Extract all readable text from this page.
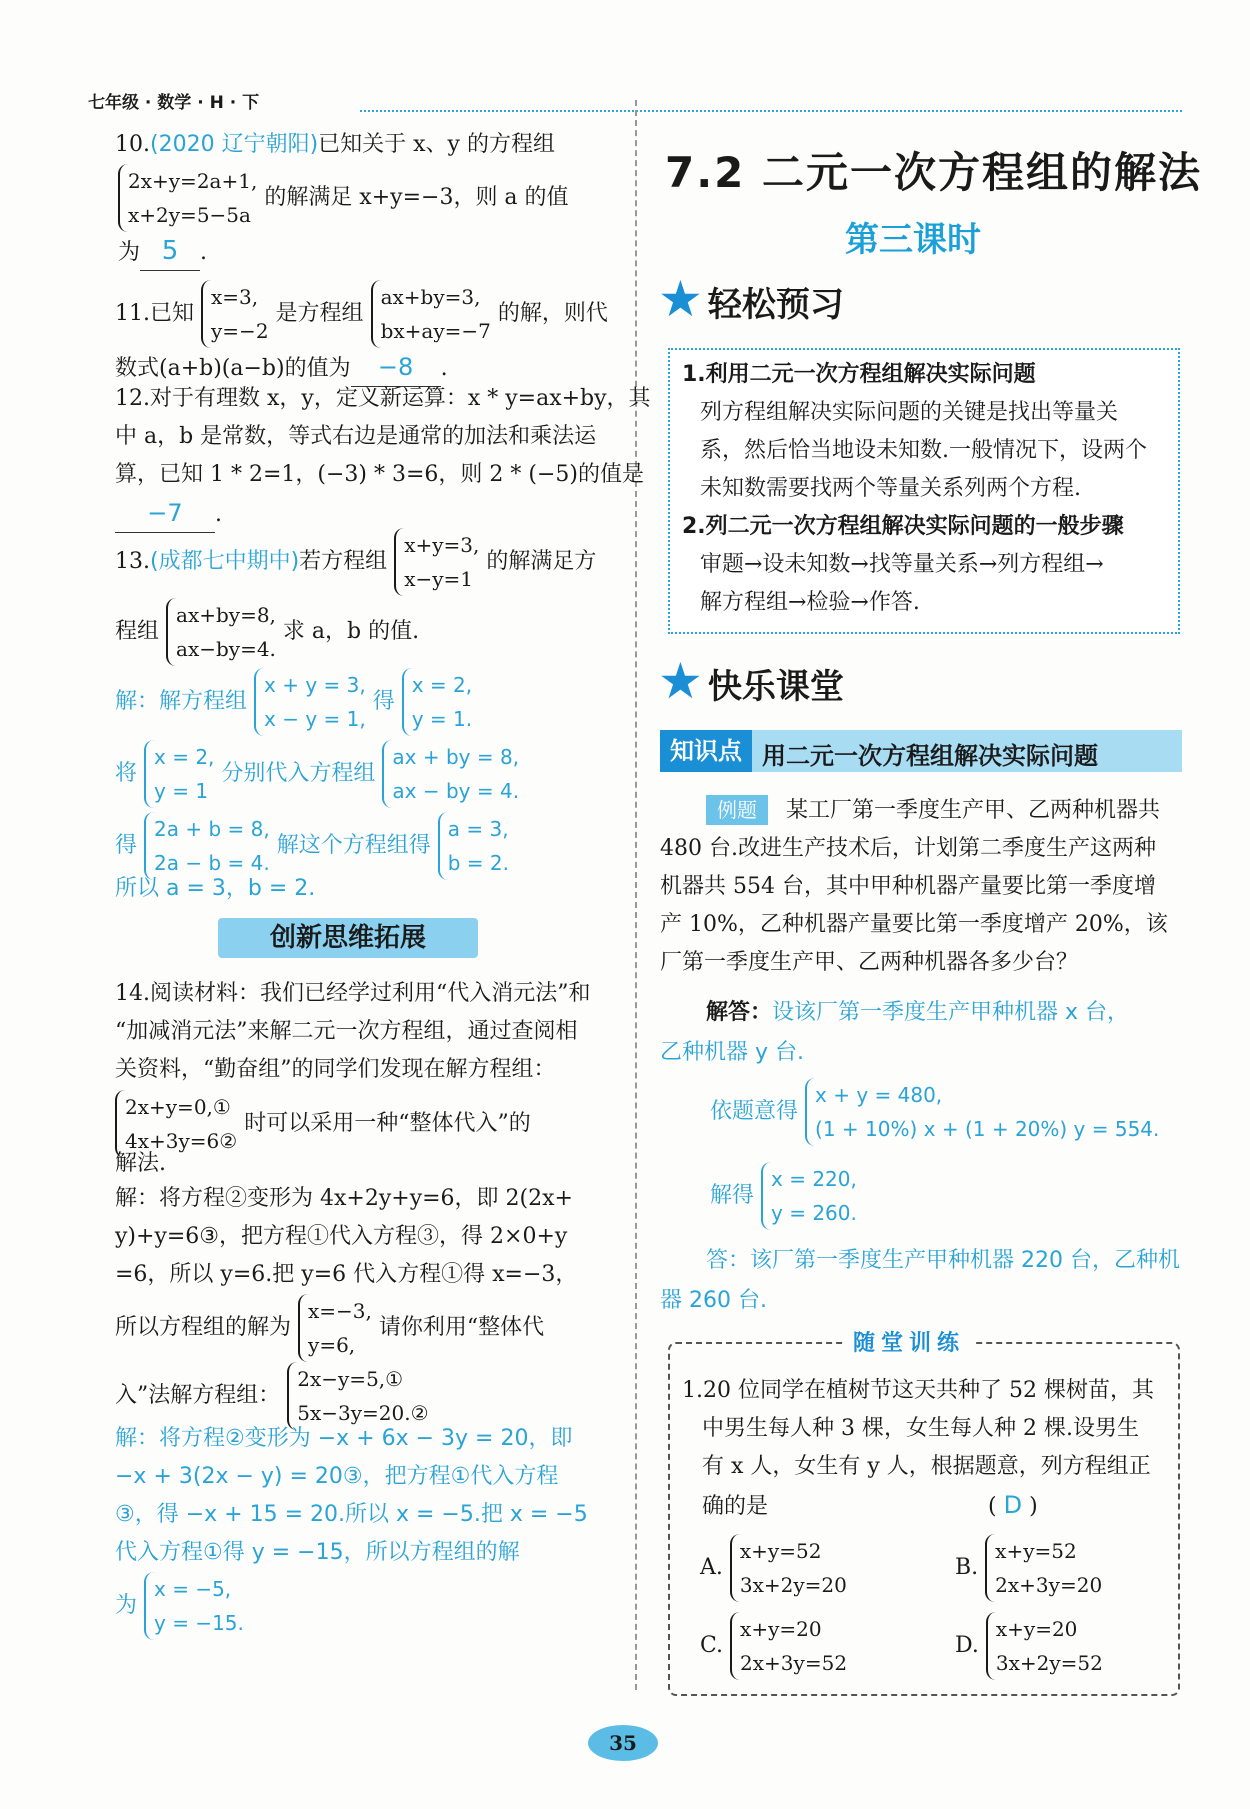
七年级 · 数学 · H · 下
10.(2020 辽宁朝阳)已知关于 x、y 的方程组
2x+y=2a+1,
x+2y=5−5a 的解满足 x+y=−3，则 a 的值
为 5 .
11.已知 x=3,
y=−2 是方程组 ax+by=3,
bx+ay=−7 的解，则代
数式(a+b)(a−b)的值为 −8 .
12.对于有理数 x，y，定义新运算：x * y=ax+by，其
中 a，b 是常数，等式右边是通常的加法和乘法运
算，已知 1 * 2=1，(−3) * 3=6，则 2 * (−5)的值是
−7 .
13.(成都七中期中)若方程组 x+y=3,
x−y=1 的解满足方
程组 ax+by=8,
ax−by=4. 求 a，b 的值.
解：解方程组 x + y = 3,
x − y = 1, 得 x = 2,
y = 1.
将 x = 2,
y = 1 分别代入方程组 ax + by = 8,
ax − by = 4.
得 2a + b = 8,
2a − b = 4. 解这个方程组得 a = 3,
b = 2.
所以 a = 3，b = 2.
创新思维拓展
14.阅读材料：我们已经学过利用“代入消元法”和
“加减消元法”来解二元一次方程组，通过查阅相
关资料，“勤奋组”的同学们发现在解方程组：
2x+y=0,①
4x+3y=6② 时可以采用一种“整体代入”的
解法.
解：将方程②变形为 4x+2y+y=6，即 2(2x+
y)+y=6③，把方程①代入方程③，得 2×0+y
=6，所以 y=6.把 y=6 代入方程①得 x=−3，
所以方程组的解为 x=−3,
y=6, 请你利用“整体代
入”法解方程组： 2x−y=5,①
5x−3y=20.②
解：将方程②变形为 −x + 6x − 3y = 20，即
−x + 3(2x − y) = 20③，把方程①代入方程
③，得 −x + 15 = 20.所以 x = −5.把 x = −5
代入方程①得 y = −15，所以方程组的解
为 x = −5,
y = −15.
7.2 二元一次方程组的解法
第三课时
★ 轻松预习
1.利用二元一次方程组解决实际问题
列方程组解决实际问题的关键是找出等量关
系，然后恰当地设未知数.一般情况下，设两个
未知数需要找两个等量关系列两个方程.
2.列二元一次方程组解决实际问题的一般步骤
审题→设未知数→找等量关系→列方程组→
解方程组→检验→作答.
★ 快乐课堂
知识点 用二元一次方程组解决实际问题
例题	某工厂第一季度生产甲、乙两种机器共
480 台.改进生产技术后，计划第二季度生产这两种
机器共 554 台，其中甲种机器产量要比第一季度增
产 10%，乙种机器产量要比第一季度增产 20%，该
厂第一季度生产甲、乙两种机器各多少台？
解答：设该厂第一季度生产甲种机器 x 台，
乙种机器 y 台.
依题意得 x + y = 480,
(1 + 10%) x + (1 + 20%) y = 554.
解得 x = 220,
y = 260.
答：该厂第一季度生产甲种机器 220 台，乙种机
器 260 台.
随堂训练
1.20 位同学在植树节这天共种了 52 棵树苗，其
中男生每人种 3 棵，女生每人种 2 棵.设男生
有 x 人，女生有 y 人，根据题意，列方程组正
确的是	( D )
A. x+y=52
3x+2y=20
B. x+y=52
2x+3y=20
C. x+y=20
2x+3y=52
D. x+y=20
3x+2y=52
35
